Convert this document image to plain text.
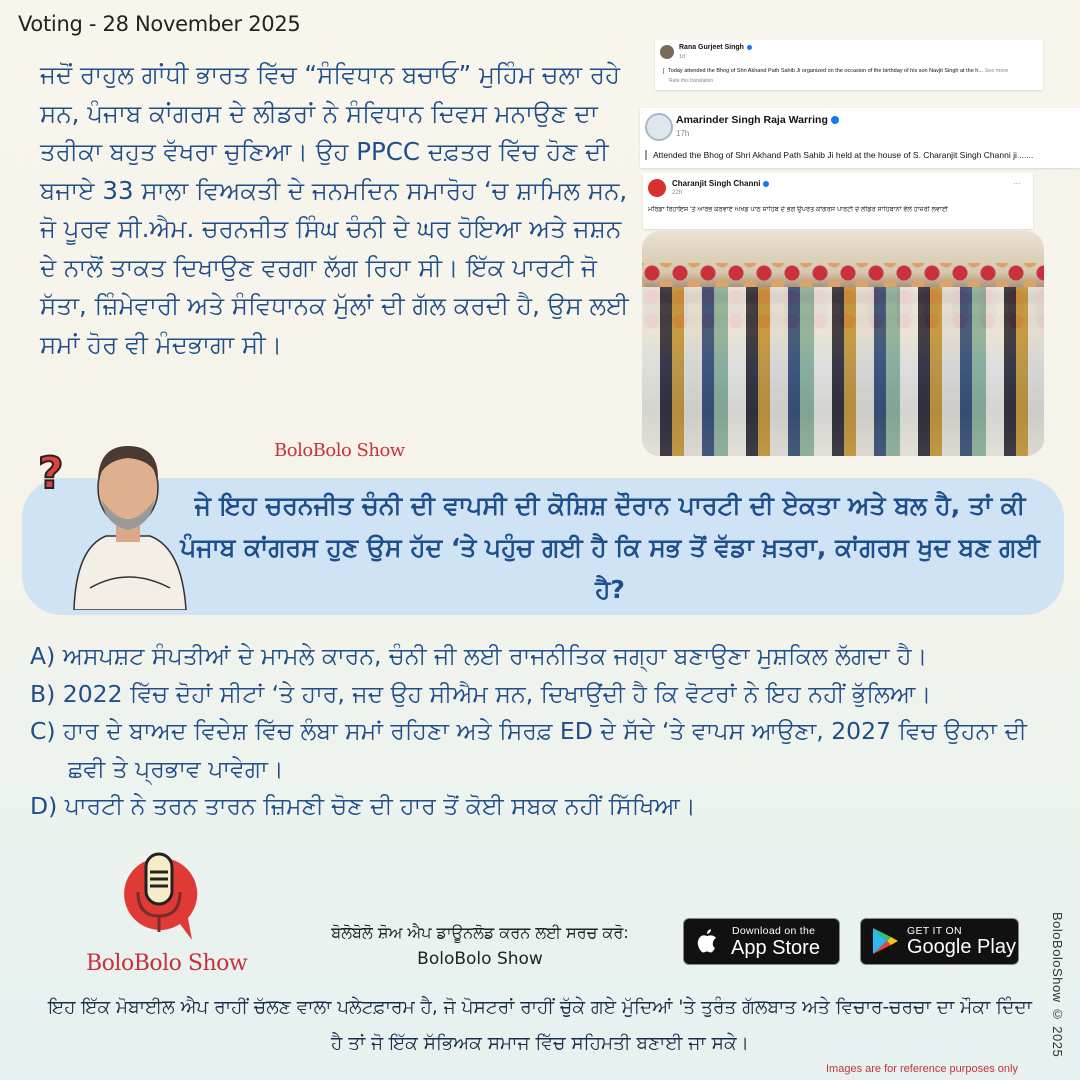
Voting - 28 November 2025
ਜਦੋਂ ਰਾਹੁਲ ਗਾਂਧੀ ਭਾਰਤ ਵਿੱਚ “ਸੰਵਿਧਾਨ ਬਚਾਓ” ਮੁਹਿੰਮ ਚਲਾ ਰਹੇ ਸਨ, ਪੰਜਾਬ ਕਾਂਗਰਸ ਦੇ ਲੀਡਰਾਂ ਨੇ ਸੰਵਿਧਾਨ ਦਿਵਸ ਮਨਾਉਣ ਦਾ ਤਰੀਕਾ ਬਹੁਤ ਵੱਖਰਾ ਚੁਣਿਆ। ਉਹ PPCC ਦਫ਼ਤਰ ਵਿੱਚ ਹੋਣ ਦੀ ਬਜਾਏ 33 ਸਾਲਾ ਵਿਅਕਤੀ ਦੇ ਜਨਮਦਿਨ ਸਮਾਰੋਹ ‘ਚ ਸ਼ਾਮਿਲ ਸਨ, ਜੋ ਪੂਰਵ ਸੀ.ਐਮ. ਚਰਨਜੀਤ ਸਿੰਘ ਚੰਨੀ ਦੇ ਘਰ ਹੋਇਆ ਅਤੇ ਜਸ਼ਨ ਦੇ ਨਾਲੋਂ ਤਾਕਤ ਦਿਖਾਉਣ ਵਰਗਾ ਲੱਗ ਰਿਹਾ ਸੀ। ਇੱਕ ਪਾਰਟੀ ਜੋ ਸੱਤਾ, ਜ਼ਿੰਮੇਵਾਰੀ ਅਤੇ ਸੰਵਿਧਾਨਕ ਮੁੱਲਾਂ ਦੀ ਗੱਲ ਕਰਦੀ ਹੈ, ਉਸ ਲਈ ਸਮਾਂ ਹੋਰ ਵੀ ਮੰਦਭਾਗਾ ਸੀ।
Rana Gurjeet Singh
1d
Today attended the Bhog of Shri Akhand Path Sahib Ji organized on the occasion of the birthday of his son Navjit Singh at the h... See more
Rate this translation
Amarinder Singh Raja Warring
17h
Attended the Bhog of Shri Akhand Path Sahib Ji held at the house of S. Charanjit Singh Channi ji ......
Charanjit Singh Channi
22h
···
ਮੋਰਿੰਡਾ ਰਿਹਾਇਸ਼ 'ਤੇ ਆਰੰਭ ਕਰਵਾਏ ਅਖੰਡ ਪਾਠ ਸਾਹਿਬ ਦੇ ਭੋਗ ਉਪਰੰਤ ਕਾਂਗਰਸ ਪਾਰਟੀ ਦੇ ਲੀਡਰ ਸਾਹਿਬਾਨਾਂ ਵੱਲੋਂ ਹਾਜ਼ਰੀ ਲਵਾਈ
BoloBolo Show
?
ਜੇ ਇਹ ਚਰਨਜੀਤ ਚੰਨੀ ਦੀ ਵਾਪਸੀ ਦੀ ਕੋਸ਼ਿਸ਼ ਦੌਰਾਨ ਪਾਰਟੀ ਦੀ ਏਕਤਾ ਅਤੇ ਬਲ ਹੈ, ਤਾਂ ਕੀ ਪੰਜਾਬ ਕਾਂਗਰਸ ਹੁਣ ਉਸ ਹੱਦ ‘ਤੇ ਪਹੁੰਚ ਗਈ ਹੈ ਕਿ ਸਭ ਤੋਂ ਵੱਡਾ ਖ਼ਤਰਾ, ਕਾਂਗਰਸ ਖੁਦ ਬਣ ਗਈ ਹੈ?
A) ਅਸਪਸ਼ਟ ਸੰਪਤੀਆਂ ਦੇ ਮਾਮਲੇ ਕਾਰਨ, ਚੰਨੀ ਜੀ ਲਈ ਰਾਜਨੀਤਿਕ ਜਗ੍ਹਾ ਬਣਾਉਣਾ ਮੁਸ਼ਕਿਲ ਲੱਗਦਾ ਹੈ।
B) 2022 ਵਿੱਚ ਦੋਹਾਂ ਸੀਟਾਂ ‘ਤੇ ਹਾਰ, ਜਦ ਉਹ ਸੀਐਮ ਸਨ, ਦਿਖਾਉਂਦੀ ਹੈ ਕਿ ਵੋਟਰਾਂ ਨੇ ਇਹ ਨਹੀਂ ਭੁੱਲਿਆ।
C) ਹਾਰ ਦੇ ਬਾਅਦ ਵਿਦੇਸ਼ ਵਿੱਚ ਲੰਬਾ ਸਮਾਂ ਰਹਿਣਾ ਅਤੇ ਸਿਰਫ਼ ED ਦੇ ਸੱਦੇ ‘ਤੇ ਵਾਪਸ ਆਉਣਾ, 2027 ਵਿਚ ਉਹਨਾ ਦੀ ਛਵੀ ਤੇ ਪ੍ਰਭਾਵ ਪਾਵੇਗਾ।
D) ਪਾਰਟੀ ਨੇ ਤਰਨ ਤਾਰਨ ਜ਼ਿਮਣੀ ਚੋਣ ਦੀ ਹਾਰ ਤੋਂ ਕੋਈ ਸਬਕ ਨਹੀਂ ਸਿੱਖਿਆ।
BoloBolo Show
ਬੋਲੋਬੋਲੋ ਸ਼ੋਅ ਐਪ ਡਾਊਨਲੋਡ ਕਰਨ ਲਈ ਸਰਚ ਕਰੋ:
BoloBolo Show
Download on the
App Store
GET IT ON
Google Play	BoloBoloShow © 2025
ਇਹ ਇੱਕ ਮੋਬਾਈਲ ਐਪ ਰਾਹੀਂ ਚੱਲਣ ਵਾਲਾ ਪਲੇਟਫ਼ਾਰਮ ਹੈ, ਜੋ ਪੋਸਟਰਾਂ ਰਾਹੀਂ ਚੁੱਕੇ ਗਏ ਮੁੱਦਿਆਂ 'ਤੇ ਤੁਰੰਤ ਗੱਲਬਾਤ ਅਤੇ ਵਿਚਾਰ-ਚਰਚਾ ਦਾ ਮੌਕਾ ਦਿੰਦਾ ਹੈ ਤਾਂ ਜੋ ਇੱਕ ਸੱਭਿਅਕ ਸਮਾਜ ਵਿੱਚ ਸਹਿਮਤੀ ਬਣਾਈ ਜਾ ਸਕੇ।
Images are for reference purposes only
